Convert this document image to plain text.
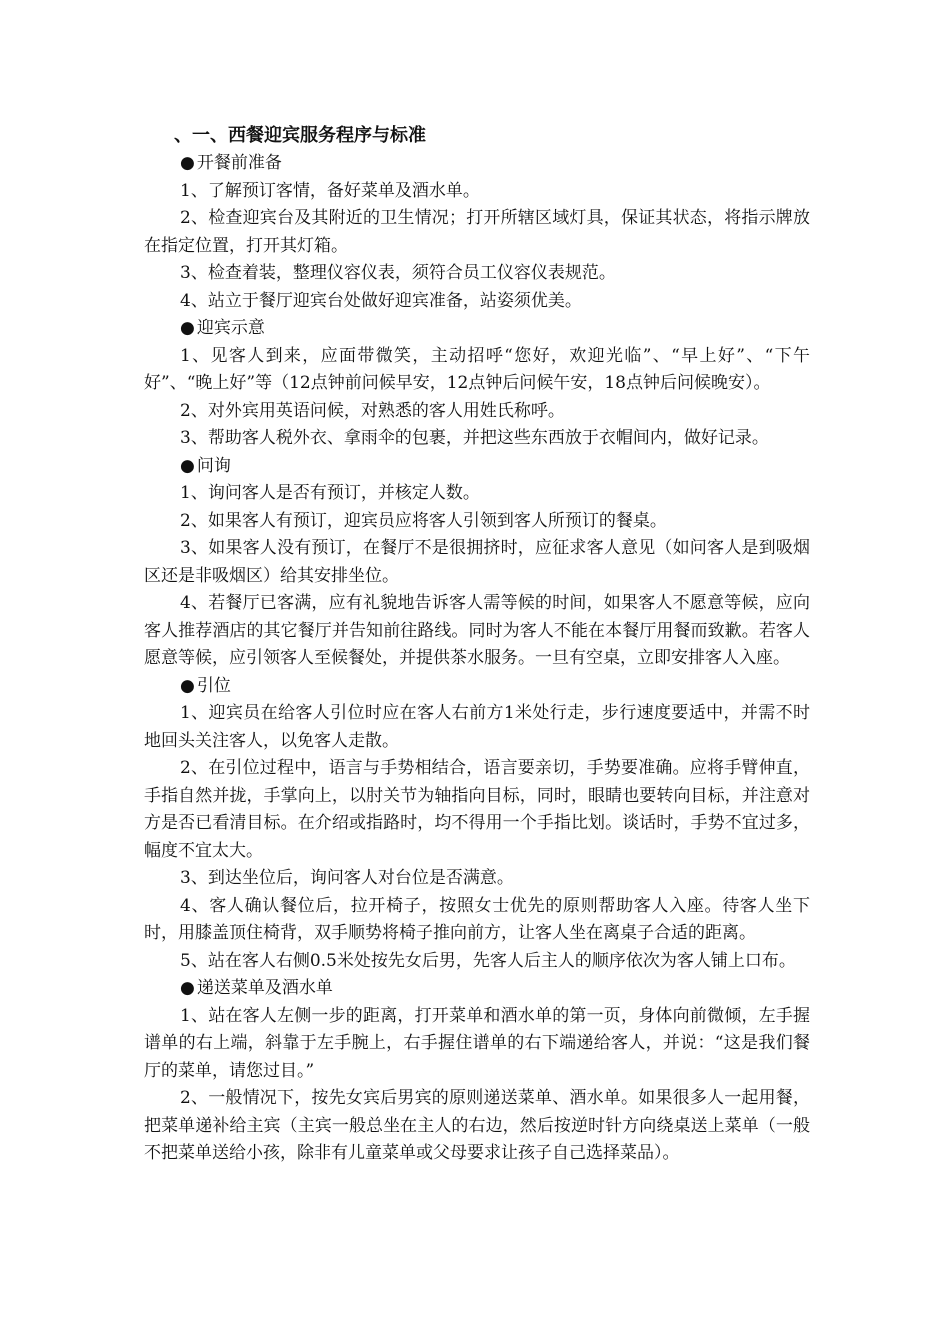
、一、西餐迎宾服务程序与标准
● 开餐前准备

1、了解预订客情，备好菜单及酒水单。

2、检查迎宾台及其附近的卫生情况；打开所辖区域灯具，保证其状态，将指示牌放在指定位置，打开其灯箱。

3、检查着装，整理仪容仪表，须符合员工仪容仪表规范。

4、站立于餐厅迎宾台处做好迎宾准备，站姿须优美。

● 迎宾示意

1、见客人到来，应面带微笑，主动招呼“您好，欢迎光临”、“早上好”、“下午好”、“晚上好”等（12点钟前问候早安，12点钟后问候午安，18点钟后问候晚安）。

2、对外宾用英语问候，对熟悉的客人用姓氏称呼。

3、帮助客人税外衣、拿雨伞的包裹，并把这些东西放于衣帽间内，做好记录。

● 问询

1、询问客人是否有预订，并核定人数。

2、如果客人有预订，迎宾员应将客人引领到客人所预订的餐桌。

3、如果客人没有预订，在餐厅不是很拥挤时，应征求客人意见（如问客人是到吸烟区还是非吸烟区）给其安排坐位。

4、若餐厅已客满，应有礼貌地告诉客人需等候的时间，如果客人不愿意等候，应向客人推荐酒店的其它餐厅并告知前往路线。同时为客人不能在本餐厅用餐而致歉。若客人愿意等候，应引领客人至候餐处，并提供茶水服务。一旦有空桌，立即安排客人入座。

● 引位

1、迎宾员在给客人引位时应在客人右前方1米处行走，步行速度要适中，并需不时地回头关注客人，以免客人走散。

2、在引位过程中，语言与手势相结合，语言要亲切，手势要准确。应将手臂伸直，手指自然并拢，手掌向上，以肘关节为轴指向目标，同时，眼睛也要转向目标，并注意对方是否已看清目标。在介绍或指路时，均不得用一个手指比划。谈话时，手势不宜过多，幅度不宜太大。

3、到达坐位后，询问客人对台位是否满意。

4、客人确认餐位后，拉开椅子，按照女士优先的原则帮助客人入座。待客人坐下时，用膝盖顶住椅背，双手顺势将椅子推向前方，让客人坐在离桌子合适的距离。

5、站在客人右侧0.5米处按先女后男，先客人后主人的顺序依次为客人铺上口布。

● 递送菜单及酒水单

1、站在客人左侧一步的距离，打开菜单和酒水单的第一页，身体向前微倾，左手握谱单的右上端，斜靠于左手腕上，右手握住谱单的右下端递给客人，并说：“这是我们餐厅的菜单，请您过目。”

2、一般情况下，按先女宾后男宾的原则递送菜单、酒水单。如果很多人一起用餐，把菜单递补给主宾（主宾一般总坐在主人的右边，然后按逆时针方向绕桌送上菜单（一般不把菜单送给小孩，除非有儿童菜单或父母要求让孩子自己选择菜品）。
